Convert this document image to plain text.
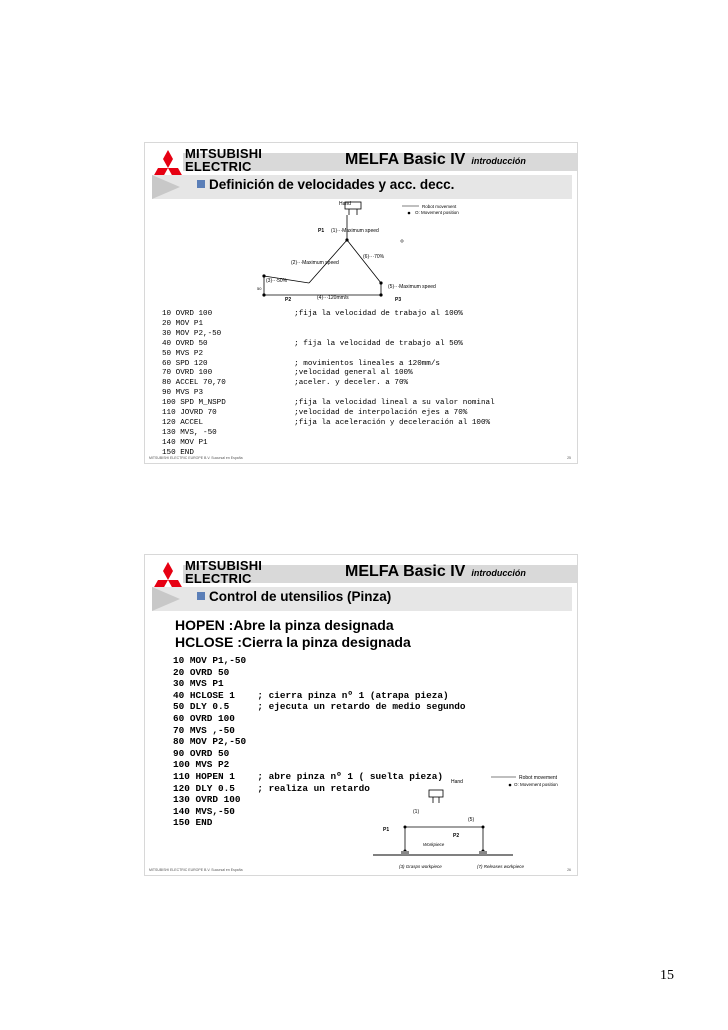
MITSUBISHI
ELECTRIC	MELFA Basic IV introducción
Definición de velocidades y acc. decc.
Hand	Robot movement
O: Movement position
P1 (1)···Maximum speed
(2)···Maximum speed
(6)···70%
(3)···50%
50	(5)···Maximum speed
P2	(4)···120mm/s	P3
10 OVRD 100                  ;fija la velocidad de trabajo al 100%
20 MOV P1
30 MOV P2,-50
40 OVRD 50                   ; fija la velocidad de trabajo al 50%
50 MVS P2
60 SPD 120                   ; movimientos lineales a 120mm/s
70 OVRD 100                  ;velocidad general al 100%
80 ACCEL 70,70               ;aceler. y deceler. a 70%
90 MVS P3
100 SPD M_NSPD               ;fija la velocidad lineal a su valor nominal
110 JOVRD 70                 ;velocidad de interpolación ejes a 70%
120 ACCEL                    ;fija la aceleración y deceleración al 100%
130 MVS, -50
140 MOV P1
150 END
MITSUBISHI ELECTRIC EUROPE B.V. Sucursal en España	25
MITSUBISHI
ELECTRIC	MELFA Basic IV introducción
Control de utensilios (Pinza)
HOPEN :Abre la pinza designada
HCLOSE :Cierra la pinza designada
10 MOV P1,-50
20 OVRD 50
30 MVS P1
40 HCLOSE 1    ; cierra pinza nº 1 (atrapa pieza)
50 DLY 0.5     ; ejecuta un retardo de medio segundo
60 OVRD 100
70 MVS ,-50
80 MOV P2,-50
90 OVRD 50
100 MVS P2
110 HOPEN 1    ; abre pinza nº 1 ( suelta pieza)
120 DLY 0.5    ; realiza un retardo
130 OVRD 100
140 MVS,-50
150 END
Robot movement
O: Movement position
Hand
(1)
(5)
P1
P2
Workpiece
(3) Grasps workpiece	(7) Releases workpiece
MITSUBISHI ELECTRIC EUROPE B.V. Sucursal en España	26
15
